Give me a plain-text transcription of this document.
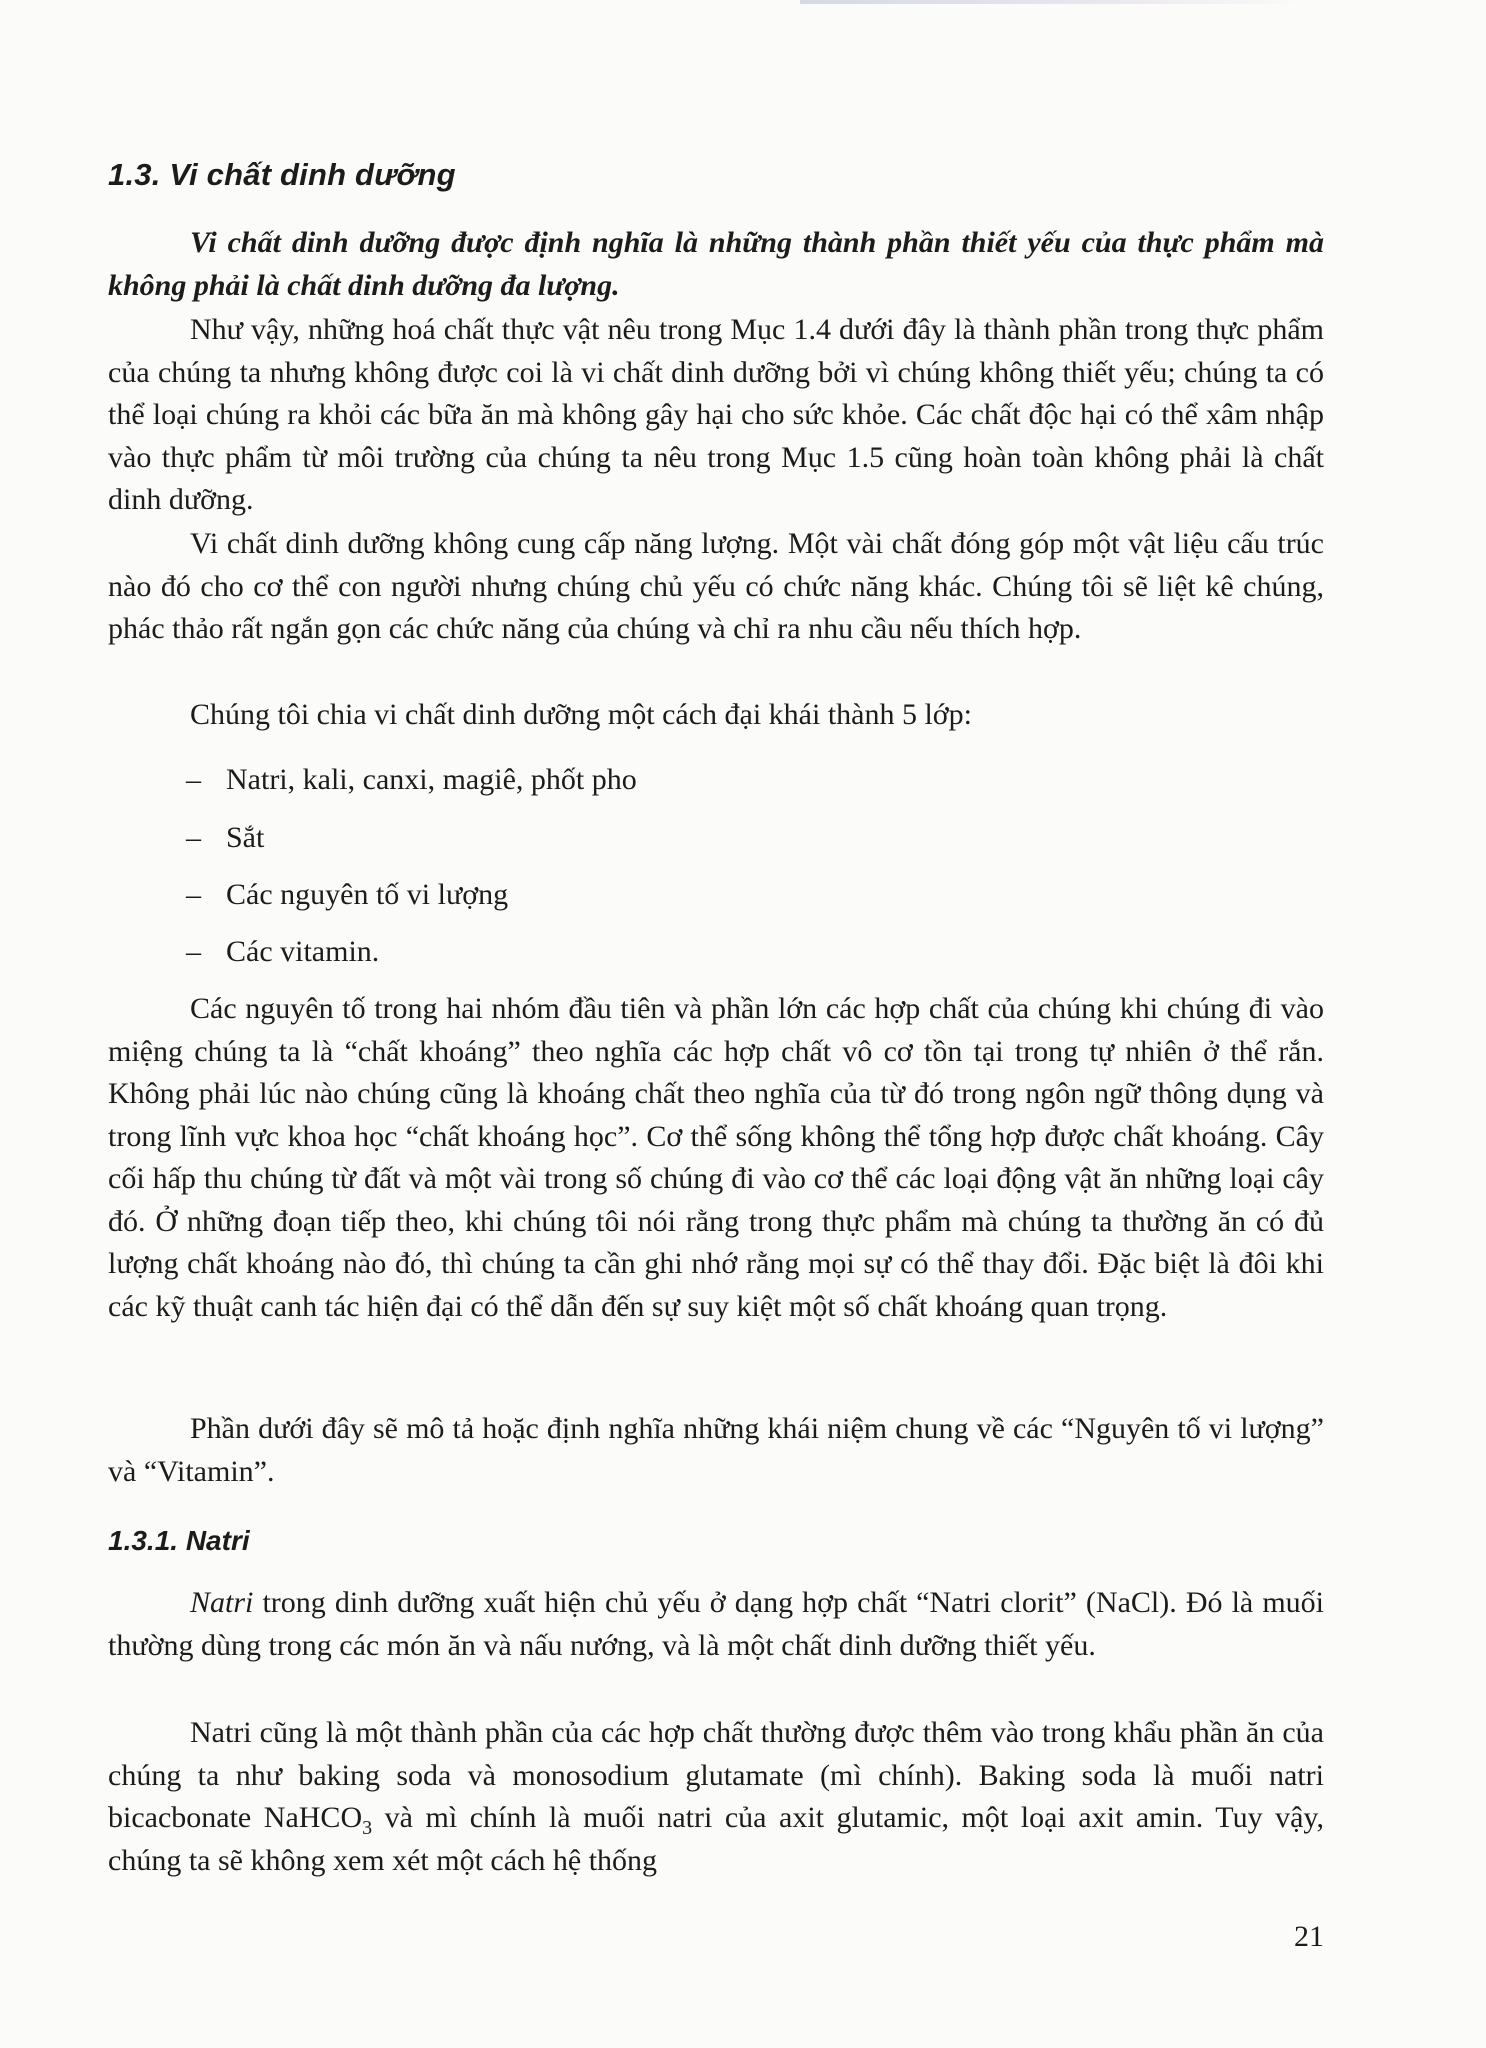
1.3. Vi chất dinh dưỡng

Vi chất dinh dưỡng được định nghĩa là những thành phần thiết yếu của thực phẩm mà không phải là chất dinh dưỡng đa lượng.

Như vậy, những hoá chất thực vật nêu trong Mục 1.4 dưới đây là thành phần trong thực phẩm của chúng ta nhưng không được coi là vi chất dinh dưỡng bởi vì chúng không thiết yếu; chúng ta có thể loại chúng ra khỏi các bữa ăn mà không gây hại cho sức khỏe. Các chất độc hại có thể xâm nhập vào thực phẩm từ môi trường của chúng ta nêu trong Mục 1.5 cũng hoàn toàn không phải là chất dinh dưỡng.

Vi chất dinh dưỡng không cung cấp năng lượng. Một vài chất đóng góp một vật liệu cấu trúc nào đó cho cơ thể con người nhưng chúng chủ yếu có chức năng khác. Chúng tôi sẽ liệt kê chúng, phác thảo rất ngắn gọn các chức năng của chúng và chỉ ra nhu cầu nếu thích hợp.

Chúng tôi chia vi chất dinh dưỡng một cách đại khái thành 5 lớp:

– Natri, kali, canxi, magiê, phốt pho

– Sắt

– Các nguyên tố vi lượng

– Các vitamin.

Các nguyên tố trong hai nhóm đầu tiên và phần lớn các hợp chất của chúng khi chúng đi vào miệng chúng ta là “chất khoáng” theo nghĩa các hợp chất vô cơ tồn tại trong tự nhiên ở thể rắn. Không phải lúc nào chúng cũng là khoáng chất theo nghĩa của từ đó trong ngôn ngữ thông dụng và trong lĩnh vực khoa học “chất khoáng học”. Cơ thể sống không thể tổng hợp được chất khoáng. Cây cối hấp thu chúng từ đất và một vài trong số chúng đi vào cơ thể các loại động vật ăn những loại cây đó. Ở những đoạn tiếp theo, khi chúng tôi nói rằng trong thực phẩm mà chúng ta thường ăn có đủ lượng chất khoáng nào đó, thì chúng ta cần ghi nhớ rằng mọi sự có thể thay đổi. Đặc biệt là đôi khi các kỹ thuật canh tác hiện đại có thể dẫn đến sự suy kiệt một số chất khoáng quan trọng.

Phần dưới đây sẽ mô tả hoặc định nghĩa những khái niệm chung về các “Nguyên tố vi lượng” và “Vitamin”.

1.3.1. Natri

Natri trong dinh dưỡng xuất hiện chủ yếu ở dạng hợp chất “Natri clorit” (NaCl). Đó là muối thường dùng trong các món ăn và nấu nướng, và là một chất dinh dưỡng thiết yếu.

Natri cũng là một thành phần của các hợp chất thường được thêm vào trong khẩu phần ăn của chúng ta như baking soda và monosodium glutamate (mì chính). Baking soda là muối natri bicacbonate NaHCO$_3$ và mì chính là muối natri của axit glutamic, một loại axit amin. Tuy vậy, chúng ta sẽ không xem xét một cách hệ thống

21
